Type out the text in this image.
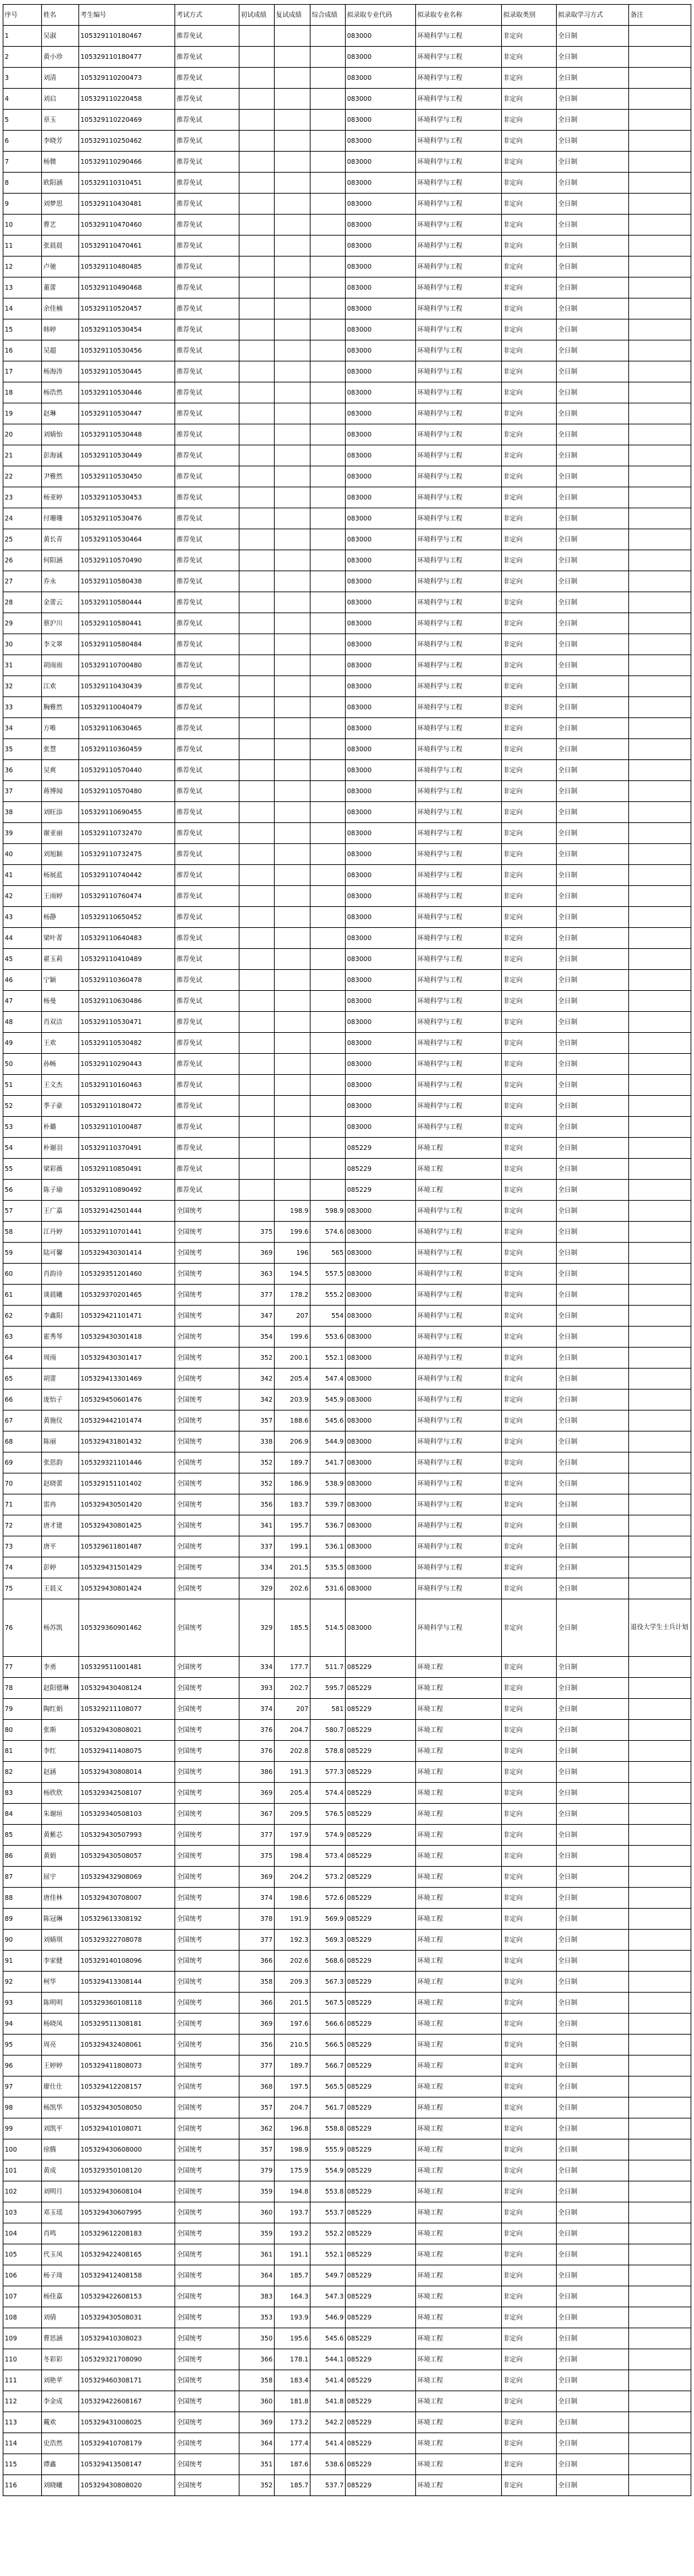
序号	姓名	考生编号	考试方式	初试成绩	复试成绩	综合成绩	拟录取专业代码	拟录取专业名称	拟录取类别	拟录取学习方式	备注
1	吴淑	105329110180467	推荐免试				083000	环境科学与工程	非定向	全日制	
2	黄小珍	105329110180477	推荐免试				083000	环境科学与工程	非定向	全日制	
3	刘清	105329110200473	推荐免试				083000	环境科学与工程	非定向	全日制	
4	刘启	105329110220458	推荐免试				083000	环境科学与工程	非定向	全日制	
5	章玉	105329110220469	推荐免试				083000	环境科学与工程	非定向	全日制	
6	李晓芳	105329110250462	推荐免试				083000	环境科学与工程	非定向	全日制	
7	杨微	105329110290466	推荐免试				083000	环境科学与工程	非定向	全日制	
8	欧阳涵	105329110310451	推荐免试				083000	环境科学与工程	非定向	全日制	
9	刘梦思	105329110430481	推荐免试				083000	环境科学与工程	非定向	全日制	
10	曹艺	105329110470460	推荐免试				083000	环境科学与工程	非定向	全日制	
11	张晨晨	105329110470461	推荐免试				083000	环境科学与工程	非定向	全日制	
12	卢驰	105329110480485	推荐免试				083000	环境科学与工程	非定向	全日制	
13	董蕾	105329110490468	推荐免试				083000	环境科学与工程	非定向	全日制	
14	余佳楠	105329110520457	推荐免试				083000	环境科学与工程	非定向	全日制	
15	韩婷	105329110530454	推荐免试				083000	环境科学与工程	非定向	全日制	
16	吴超	105329110530456	推荐免试				083000	环境科学与工程	非定向	全日制	
17	杨海涛	105329110530445	推荐免试				083000	环境科学与工程	非定向	全日制	
18	杨浩然	105329110530446	推荐免试				083000	环境科学与工程	非定向	全日制	
19	赵琳	105329110530447	推荐免试				083000	环境科学与工程	非定向	全日制	
20	刘婧怡	105329110530448	推荐免试				083000	环境科学与工程	非定向	全日制	
21	彭海诚	105329110530449	推荐免试				083000	环境科学与工程	非定向	全日制	
22	尹雅然	105329110530450	推荐免试				083000	环境科学与工程	非定向	全日制	
23	杨亚婷	105329110530453	推荐免试				083000	环境科学与工程	非定向	全日制	
24	付珊珊	105329110530476	推荐免试				083000	环境科学与工程	非定向	全日制	
25	黄长青	105329110530464	推荐免试				083000	环境科学与工程	非定向	全日制	
26	何阳涵	105329110570490	推荐免试				083000	环境科学与工程	非定向	全日制	
27	乔永	105329110580438	推荐免试				083000	环境科学与工程	非定向	全日制	
28	金蕾云	105329110580444	推荐免试				083000	环境科学与工程	非定向	全日制	
29	蔡沪川	105329110580441	推荐免试				083000	环境科学与工程	非定向	全日制	
30	李文翠	105329110580484	推荐免试				083000	环境科学与工程	非定向	全日制	
31	胡雨雨	105329110700480	推荐免试				083000	环境科学与工程	非定向	全日制	
32	江欢	105329110430439	推荐免试				083000	环境科学与工程	非定向	全日制	
33	胸雅然	105329110040479	推荐免试				083000	环境科学与工程	非定向	全日制	
34	方唯	105329110630465	推荐免试				083000	环境科学与工程	非定向	全日制	
35	张慧	105329110360459	推荐免试				083000	环境科学与工程	非定向	全日制	
36	吴爽	105329110570440	推荐免试				083000	环境科学与工程	非定向	全日制	
37	蒋博闻	105329110570480	推荐免试				083000	环境科学与工程	非定向	全日制	
38	刘旺添	105329110690455	推荐免试				083000	环境科学与工程	非定向	全日制	
39	谢亚丽	105329110732470	推荐免试				083000	环境科学与工程	非定向	全日制	
40	刘旭颖	105329110732475	推荐免试				083000	环境科学与工程	非定向	全日制	
41	杨展蓝	105329110740442	推荐免试				083000	环境科学与工程	非定向	全日制	
42	王雨婷	105329110760474	推荐免试				083000	环境科学与工程	非定向	全日制	
43	杨静	105329110650452	推荐免试				083000	环境科学与工程	非定向	全日制	
44	梁叶菁	105329110640483	推荐免试				083000	环境科学与工程	非定向	全日制	
45	翟玉莉	105329110410489	推荐免试				083000	环境科学与工程	非定向	全日制	
46	宁颖	105329110360478	推荐免试				083000	环境科学与工程	非定向	全日制	
47	杨曼	105329110630486	推荐免试				083000	环境科学与工程	非定向	全日制	
48	肖双洁	105329110530471	推荐免试				083000	环境科学与工程	非定向	全日制	
49	王欢	105329110530482	推荐免试				083000	环境科学与工程	非定向	全日制	
50	孙畅	105329110290443	推荐免试				083000	环境科学与工程	非定向	全日制	
51	王文杰	105329110160463	推荐免试				083000	环境科学与工程	非定向	全日制	
52	季子豪	105329110180472	推荐免试				083000	环境科学与工程	非定向	全日制	
53	朴璐	105329110100487	推荐免试				083000	环境科学与工程	非定向	全日制	
54	朴谢羽	105329110370491	推荐免试				085229	环境工程	非定向	全日制	
55	梁彩薇	105329110850491	推荐免试				085229	环境工程	非定向	全日制	
56	陈子瑜	105329110890492	推荐免试				085229	环境工程	非定向	全日制	
57	王广嘉	105329142501444	全国统考		198.9	598.9	083000	环境科学与工程	非定向	全日制	
58	江丹婷	105329110701441	全国统考	375	199.6	574.6	083000	环境科学与工程	非定向	全日制	
59	陆可馨	105329430301414	全国统考	369	196	565	083000	环境科学与工程	非定向	全日制	
60	肖韵诗	105329351201460	全国统考	363	194.5	557.5	083000	环境科学与工程	非定向	全日制	
61	谈晨曦	105329370201465	全国统考	377	178.2	555.2	083000	环境科学与工程	非定向	全日制	
62	李鑫阳	105329421101471	全国统考	347	207	554	083000	环境科学与工程	非定向	全日制	
63	霍秀琴	105329430301418	全国统考	354	199.6	553.6	083000	环境科学与工程	非定向	全日制	
64	周雨	105329430301417	全国统考	352	200.1	552.1	083000	环境科学与工程	非定向	全日制	
65	胡蕾	105329413301469	全国统考	342	205.4	547.4	083000	环境科学与工程	非定向	全日制	
66	庞怡子	105329450601476	全国统考	342	203.9	545.9	083000	环境科学与工程	非定向	全日制	
67	黄施仪	105329442101474	全国统考	357	188.6	545.6	083000	环境科学与工程	非定向	全日制	
68	陈丽	105329431801432	全国统考	338	206.9	544.9	083000	环境科学与工程	非定向	全日制	
69	张思韵	105329321101446	全国统考	352	189.7	541.7	083000	环境科学与工程	非定向	全日制	
70	赵晓蕾	105329151101402	全国统考	352	186.9	538.9	083000	环境科学与工程	非定向	全日制	
71	雷冉	105329430501420	全国统考	356	183.7	539.7	083000	环境科学与工程	非定向	全日制	
72	唐才建	105329430801425	全国统考	341	195.7	536.7	083000	环境科学与工程	非定向	全日制	
73	唐平	105329611801487	全国统考	337	199.1	536.1	083000	环境科学与工程	非定向	全日制	
74	彭婷	105329431501429	全国统考	334	201.5	535.5	083000	环境科学与工程	非定向	全日制	
75	王晨义	105329430801424	全国统考	329	202.6	531.6	083000	环境科学与工程	非定向	全日制	
76	杨苏凯	105329360901462	全国统考	329	185.5	514.5	083000	环境科学与工程	非定向	全日制	退役大学生士兵计划
77	李勇	105329511001481	全国统考	334	177.7	511.7	085229	环境工程	非定向	全日制	
78	赵阳德琳	105329430408124	全国统考	393	202.7	595.7	085229	环境工程	非定向	全日制	
79	陶红娟	105329211108077	全国统考	374	207	581	085229	环境工程	非定向	全日制	
80	张斯	105329430808021	全国统考	376	204.7	580.7	085229	环境工程	非定向	全日制	
81	李红	105329411408075	全国统考	376	202.8	578.8	085229	环境工程	非定向	全日制	
82	赵涵	105329430808014	全国统考	386	191.3	577.3	085229	环境工程	非定向	全日制	
83	杨欣欣	105329342508107	全国统考	369	205.4	574.4	085229	环境工程	非定向	全日制	
84	朱谢垣	105329340508103	全国统考	367	209.5	576.5	085229	环境工程	非定向	全日制	
85	黄紫芯	105329430507993	全国统考	377	197.9	574.9	085229	环境工程	非定向	全日制	
86	黄娟	105329430508057	全国统考	375	198.4	573.4	085229	环境工程	非定向	全日制	
87	屈宇	105329432908069	全国统考	369	204.2	573.2	085229	环境工程	非定向	全日制	
88	唐佳林	105329430708007	全国统考	374	198.6	572.6	085229	环境工程	非定向	全日制	
89	陈冠琳	105329613308192	全国统考	378	191.9	569.9	085229	环境工程	非定向	全日制	
90	刘婧琪	105329322708078	全国统考	377	192.3	569.3	085229	环境工程	非定向	全日制	
91	李家健	105329140108096	全国统考	366	202.6	568.6	085229	环境工程	非定向	全日制	
92	柯华	105329413308144	全国统考	358	209.3	567.3	085229	环境工程	非定向	全日制	
93	陈明明	105329360108118	全国统考	366	201.5	567.5	085229	环境工程	非定向	全日制	
94	杨晓凤	105329511308181	全国统考	369	197.6	566.6	085229	环境工程	非定向	全日制	
95	周亮	105329432408061	全国统考	356	210.5	566.5	085229	环境工程	非定向	全日制	
96	王婷婷	105329411808073	全国统考	377	189.7	566.7	085229	环境工程	非定向	全日制	
97	廖仕仕	105329412208157	全国统考	368	197.5	565.5	085229	环境工程	非定向	全日制	
98	杨凯华	105329430508050	全国统考	357	204.7	561.7	085229	环境工程	非定向	全日制	
99	刘凯平	105329410108071	全国统考	362	196.8	558.8	085229	环境工程	非定向	全日制	
100	徐腾	105329430608000	全国统考	357	198.9	555.9	085229	环境工程	非定向	全日制	
101	黄成	105329350108120	全国统考	379	175.9	554.9	085229	环境工程	非定向	全日制	
102	刘明月	105329430608104	全国统考	359	194.8	553.8	085229	环境工程	非定向	全日制	
103	邓玉瑶	105329430607995	全国统考	360	193.7	553.7	085229	环境工程	非定向	全日制	
104	肖鸣	105329612208183	全国统考	359	193.2	552.2	085229	环境工程	非定向	全日制	
105	代玉凤	105329422408165	全国统考	361	191.1	552.1	085229	环境工程	非定向	全日制	
106	杨子琦	105329412408158	全国统考	364	185.7	549.7	085229	环境工程	非定向	全日制	
107	杨佳嘉	105329422608153	全国统考	383	164.3	547.3	085229	环境工程	非定向	全日制	
108	刘倩	105329430508031	全国统考	353	193.9	546.9	085229	环境工程	非定向	全日制	
109	曹思涵	105329410308023	全国统考	350	195.6	545.6	085229	环境工程	非定向	全日制	
110	冬彩彩	105329321708090	全国统考	366	178.1	544.1	085229	环境工程	非定向	全日制	
111	刘艳苹	105329460308171	全国统考	358	183.4	541.4	085229	环境工程	非定向	全日制	
112	李金成	105329422608167	全国统考	360	181.8	541.8	085229	环境工程	非定向	全日制	
113	戴欢	105329431008025	全国统考	369	173.2	542.2	085229	环境工程	非定向	全日制	
114	史浩然	105329410708179	全国统考	364	177.4	541.4	085229	环境工程	非定向	全日制	
115	谭鑫	105329413508147	全国统考	351	187.6	538.6	085229	环境工程	非定向	全日制	
116	刘晓曦	105329430808020	全国统考	352	185.7	537.7	085229	环境工程	非定向	全日制	
